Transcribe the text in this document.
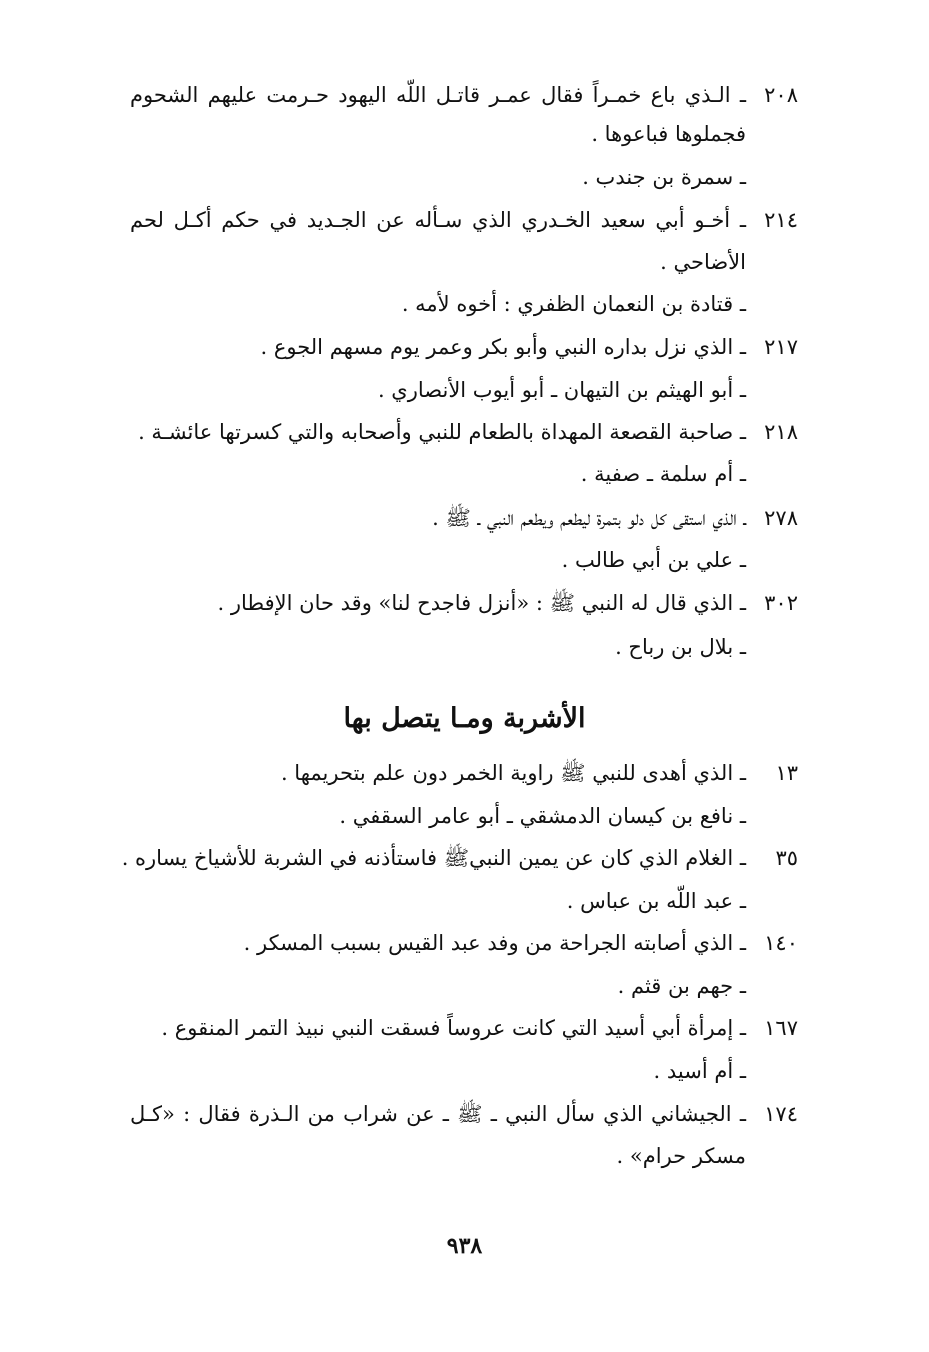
٢٠٨ـ الـذي باع خمـراً فقال عمـر قاتـل اللّه اليهود حـرمت عليهم الشحوم
فجملوها فباعوها .
ـ سمرة بن جندب .
٢١٤ـ أخـو أبي سعيد الخـدري الذي سـأله عن الجـديد في حكم أكـل لحم
الأضاحي .
ـ قتادة بن النعمان الظفري : أخوه لأمه .
٢١٧ـ الذي نزل بداره النبي وأبو بكر وعمر يوم مسهم الجوع .
ـ أبو الهيثم بن التيهان ـ أبو أيوب الأنصاري .
٢١٨ـ صاحبة القصعة المهداة بالطعام للنبي وأصحابه والتي كسرتها عائشـة .
ـ أم سلمة ـ صفية .
٢٧٨ـ الذي استقى كل دلو بتمرة ليطعم ويطعم النبي ـ ﷺ .
ـ علي بن أبي طالب .
٣٠٢ـ الذي قال له النبي ﷺ : «أنزل فاجدح لنا» وقد حان الإفطار .
ـ بلال بن رباح .
الأشربة ومـا يتصل بها
١٣ـ الذي أهدى للنبي ﷺ راوية الخمر دون علم بتحريمها .
ـ نافع بن كيسان الدمشقي ـ أبو عامر السقفي .
٣٥ـ الغلام الذي كان عن يمين النبيﷺ فاستأذنه في الشربة للأشياخ يساره .
ـ عبد اللّه بن عباس .
١٤٠ـ الذي أصابته الجراحة من وفد عبد القيس بسبب المسكر .
ـ جهم بن قثم .
١٦٧ـ إمرأة أبي أسيد التي كانت عروساً فسقت النبي نبيذ التمر المنقوع .
ـ أم أسيد .
١٧٤ـ الجيشاني الذي سأل النبي ـ ﷺ ـ عن شراب من الـذرة فقال : «كـل
مسكر حرام» .
٩٣٨
